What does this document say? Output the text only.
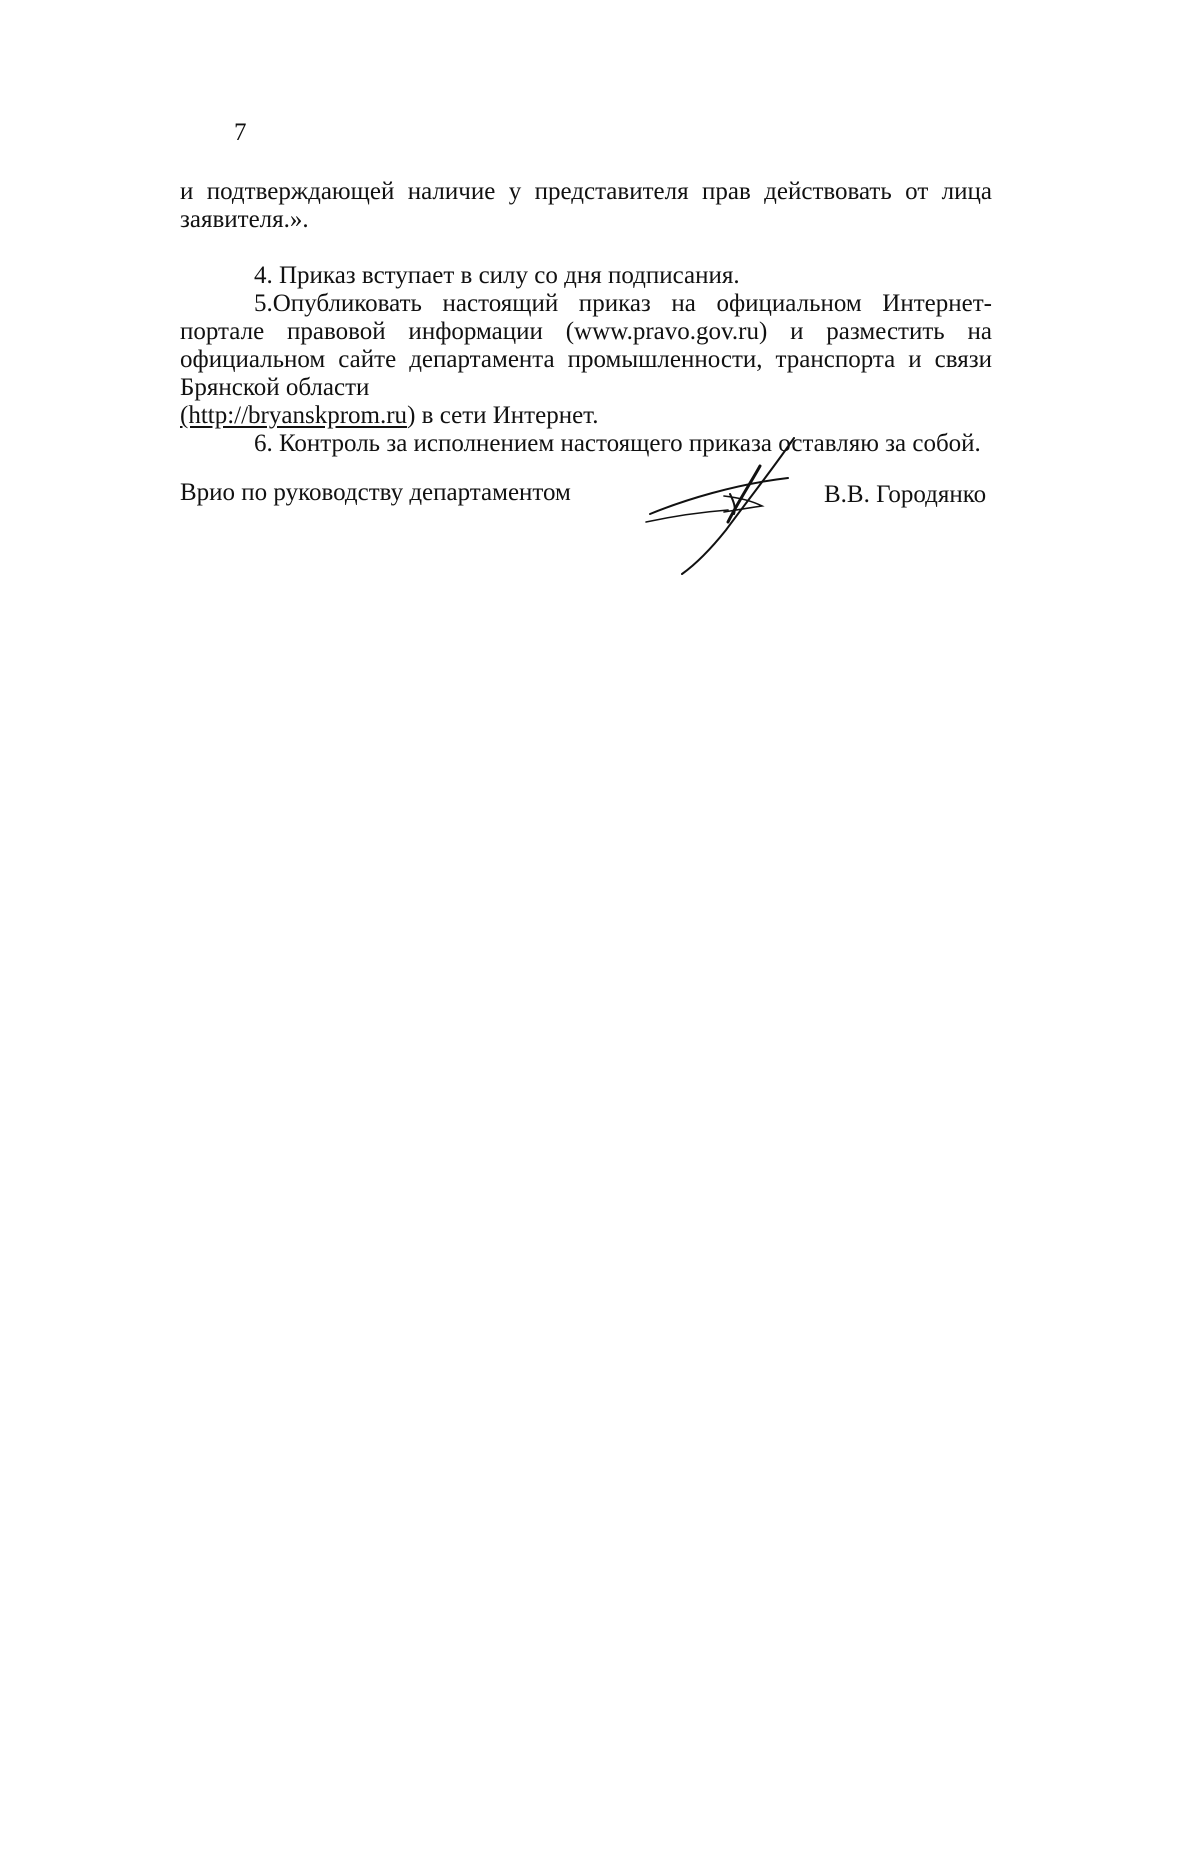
7

и подтверждающей наличие у представителя прав действовать от лица заявителя.».

4. Приказ вступает в силу со дня подписания.

5.Опубликовать настоящий приказ на официальном Интернет-портале правовой информации (www.pravo.gov.ru) и разместить на официальном сайте департамента промышленности, транспорта и связи Брянской области
(http://bryanskprom.ru) в сети Интернет.

6. Контроль за исполнением настоящего приказа оставляю за собой.

Врио по руководству департаментом	В.В. Городянко
